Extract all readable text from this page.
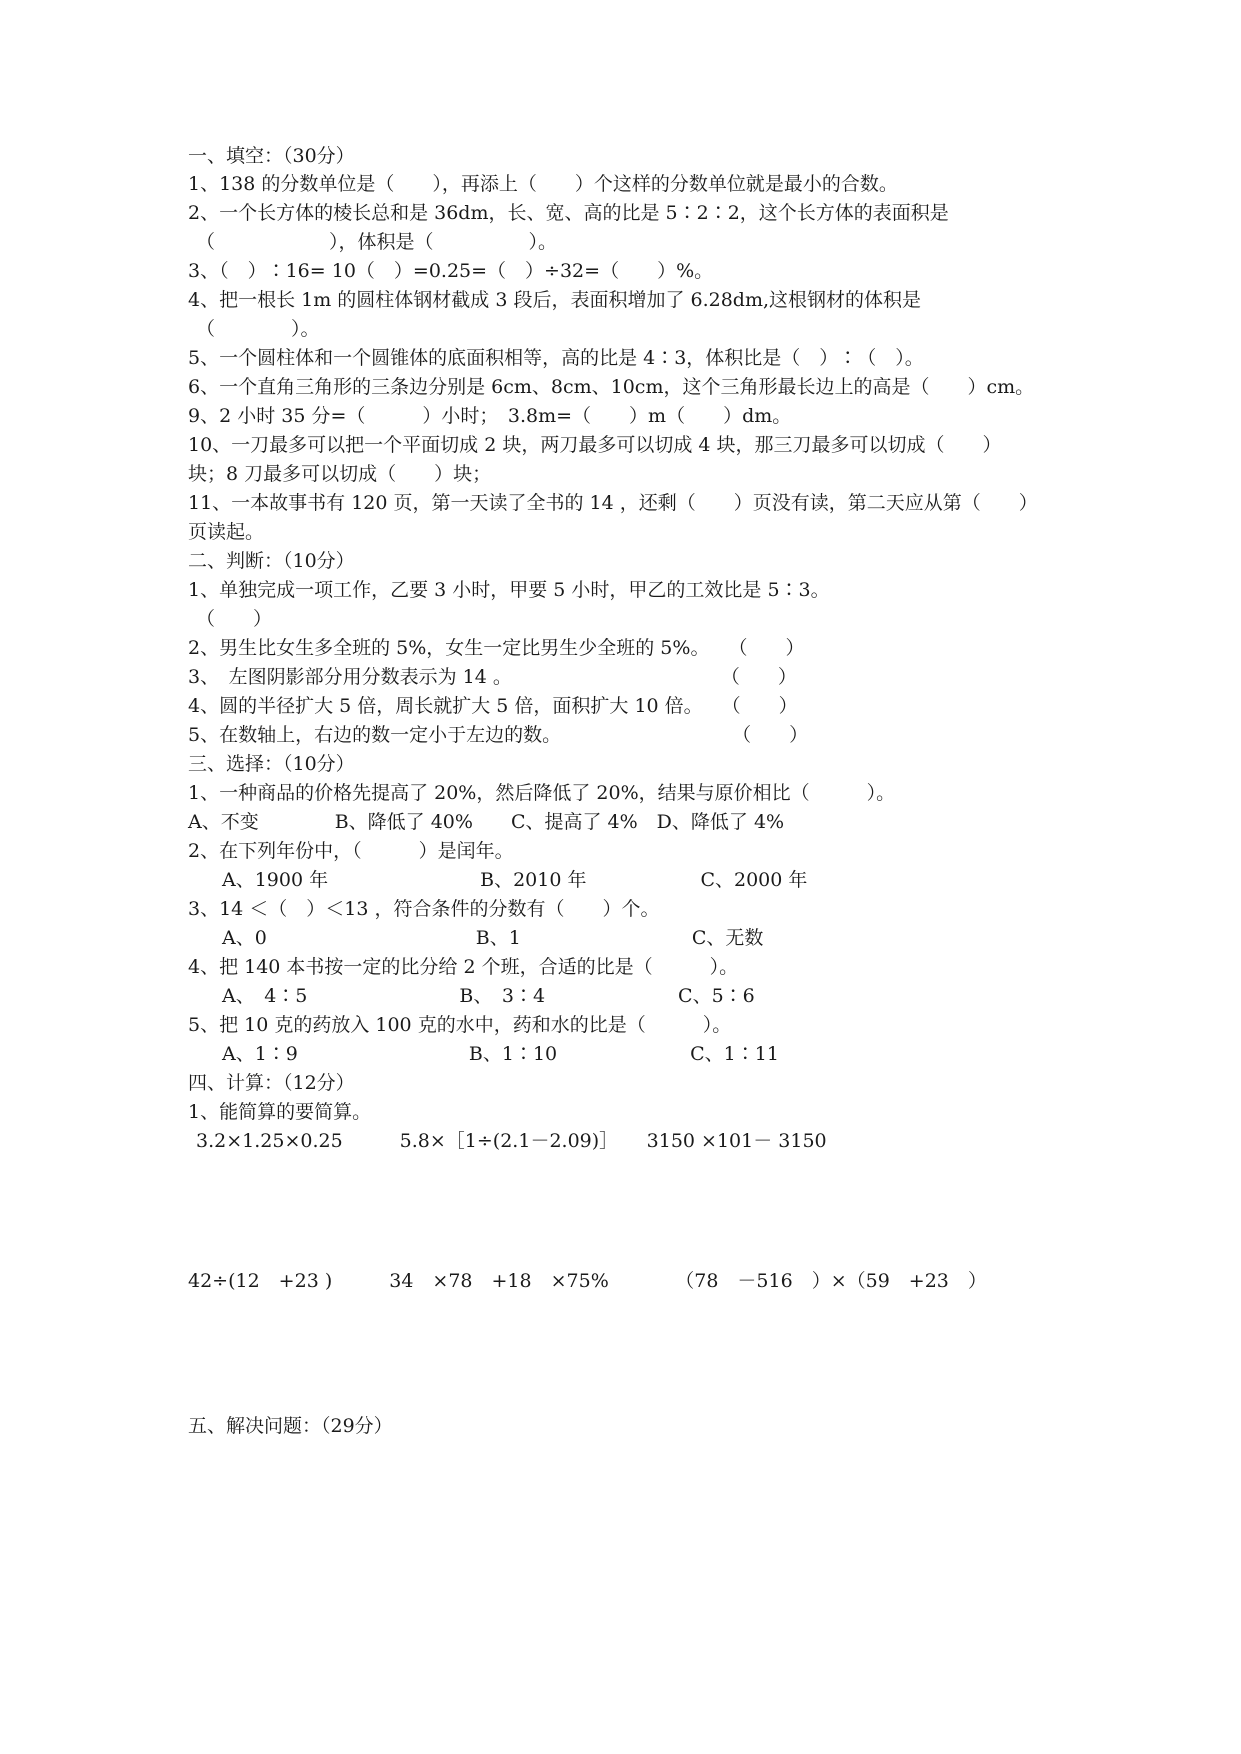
一、填空：（30分）
1、138 的分数单位是（　　），再添上（　　）个这样的分数单位就是最小的合数。
2、一个长方体的棱长总和是 36dm，长、宽、高的比是 5∶2∶2，这个长方体的表面积是
（　　　　　　），体积是（　　　　　）。
3、（　）∶16= 10（　）=0.25=（　）÷32=（　　）%。
4、把一根长 1m 的圆柱体钢材截成 3 段后，表面积增加了 6.28dm,这根钢材的体积是
（　　　　）。
5、一个圆柱体和一个圆锥体的底面积相等，高的比是 4∶3，体积比是（　）∶（　）。
6、一个直角三角形的三条边分别是 6cm、8cm、10cm，这个三角形最长边上的高是（　　）cm。
9、2 小时 35 分=（　　　）小时；　3.8m=（　　）m（　　）dm。
10、一刀最多可以把一个平面切成 2 块，两刀最多可以切成 4 块，那三刀最多可以切成（　　）
块；8 刀最多可以切成（　　）块；
11、一本故事书有 120 页，第一天读了全书的 14 ，还剩（　　）页没有读，第二天应从第（　　）
页读起。
二、判断：（10分）
1、单独完成一项工作，乙要 3 小时，甲要 5 小时，甲乙的工效比是 5∶3。
（　　）
2、男生比女生多全班的 5%，女生一定比男生少全班的 5%。　　（　　）
3、　左图阴影部分用分数表示为 14 。　　　　　　　　　　　　（　　）
4、圆的半径扩大 5 倍，周长就扩大 5 倍，面积扩大 10 倍。　　（　　）
5、在数轴上，右边的数一定小于左边的数。　　　　　　　　　　（　　）
三、选择：（10分）
1、一种商品的价格先提高了 20%，然后降低了 20%，结果与原价相比（　　　）。
A、不变　　　　B、降低了 40%　　C、提高了 4%　D、降低了 4%
2、在下列年份中，（　　　）是闰年。
A、1900 年　　　　　　　　B、2010 年　　　　　　C、2000 年
3、14 ＜（　）＜13 ，符合条件的分数有（　　）个。
A、0　　　　　　　　　　　B、1　　　　　　　　　C、无数
4、把 140 本书按一定的比分给 2 个班，合适的比是（　　　）。
A、　4∶5　　　　　　　　B、　3∶4　　　　　　　C、5∶6
5、把 10 克的药放入 100 克的水中，药和水的比是（　　　）。
A、1∶9　　　　　　　　　B、1∶10　　　　　　　C、1∶11
四、计算：（12分）
1、能简算的要简算。
3.2×1.25×0.25　　　5.8×［1÷(2.1－2.09)］　　3150 ×101－ 3150
42÷(12　+23 )　　　34　×78　+18　×75%　　　　（78　－516　）×（59　+23　）
五、解决问题：（29分）
